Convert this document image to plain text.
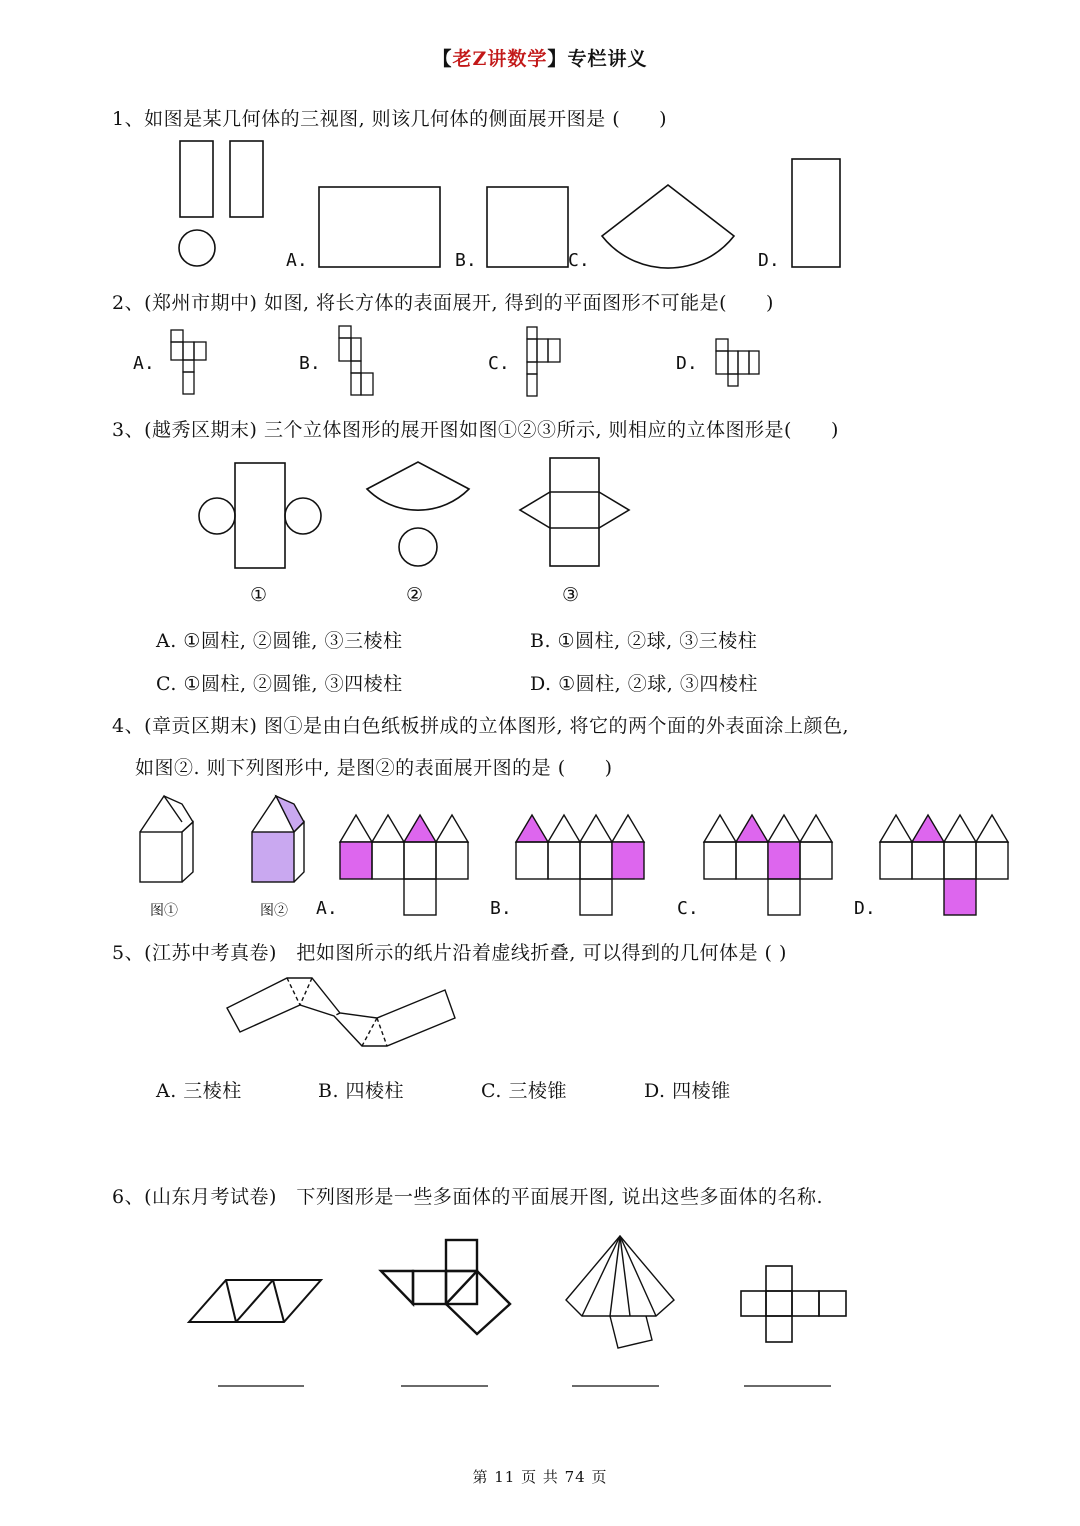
【老Z讲数学】专栏讲义
1、如图是某几何体的三视图, 则该几何体的侧面展开图是 (　　)
A.	B.	C.	D.
2、(郑州市期中) 如图, 将长方体的表面展开, 得到的平面图形不可能是(　　)
A.	B.	C.	D.
3、(越秀区期末) 三个立体图形的展开图如图①②③所示, 则相应的立体图形是(　　)
①	②	③
A. ①圆柱, ②圆锥, ③三棱柱	B. ①圆柱, ②球, ③三棱柱
C. ①圆柱, ②圆锥, ③四棱柱	D. ①圆柱, ②球, ③四棱柱
4、(章贡区期末) 图①是由白色纸板拼成的立体图形, 将它的两个面的外表面涂上颜色,
如图②. 则下列图形中, 是图②的表面展开图的是 (　　)
图①	图② A.	B.	C.	D.
5、(江苏中考真卷)　把如图所示的纸片沿着虚线折叠, 可以得到的几何体是 ( )
A. 三棱柱	B. 四棱柱	C. 三棱锥	D. 四棱锥
6、(山东月考试卷)　下列图形是一些多面体的平面展开图, 说出这些多面体的名称.
第 11 页 共 74 页
